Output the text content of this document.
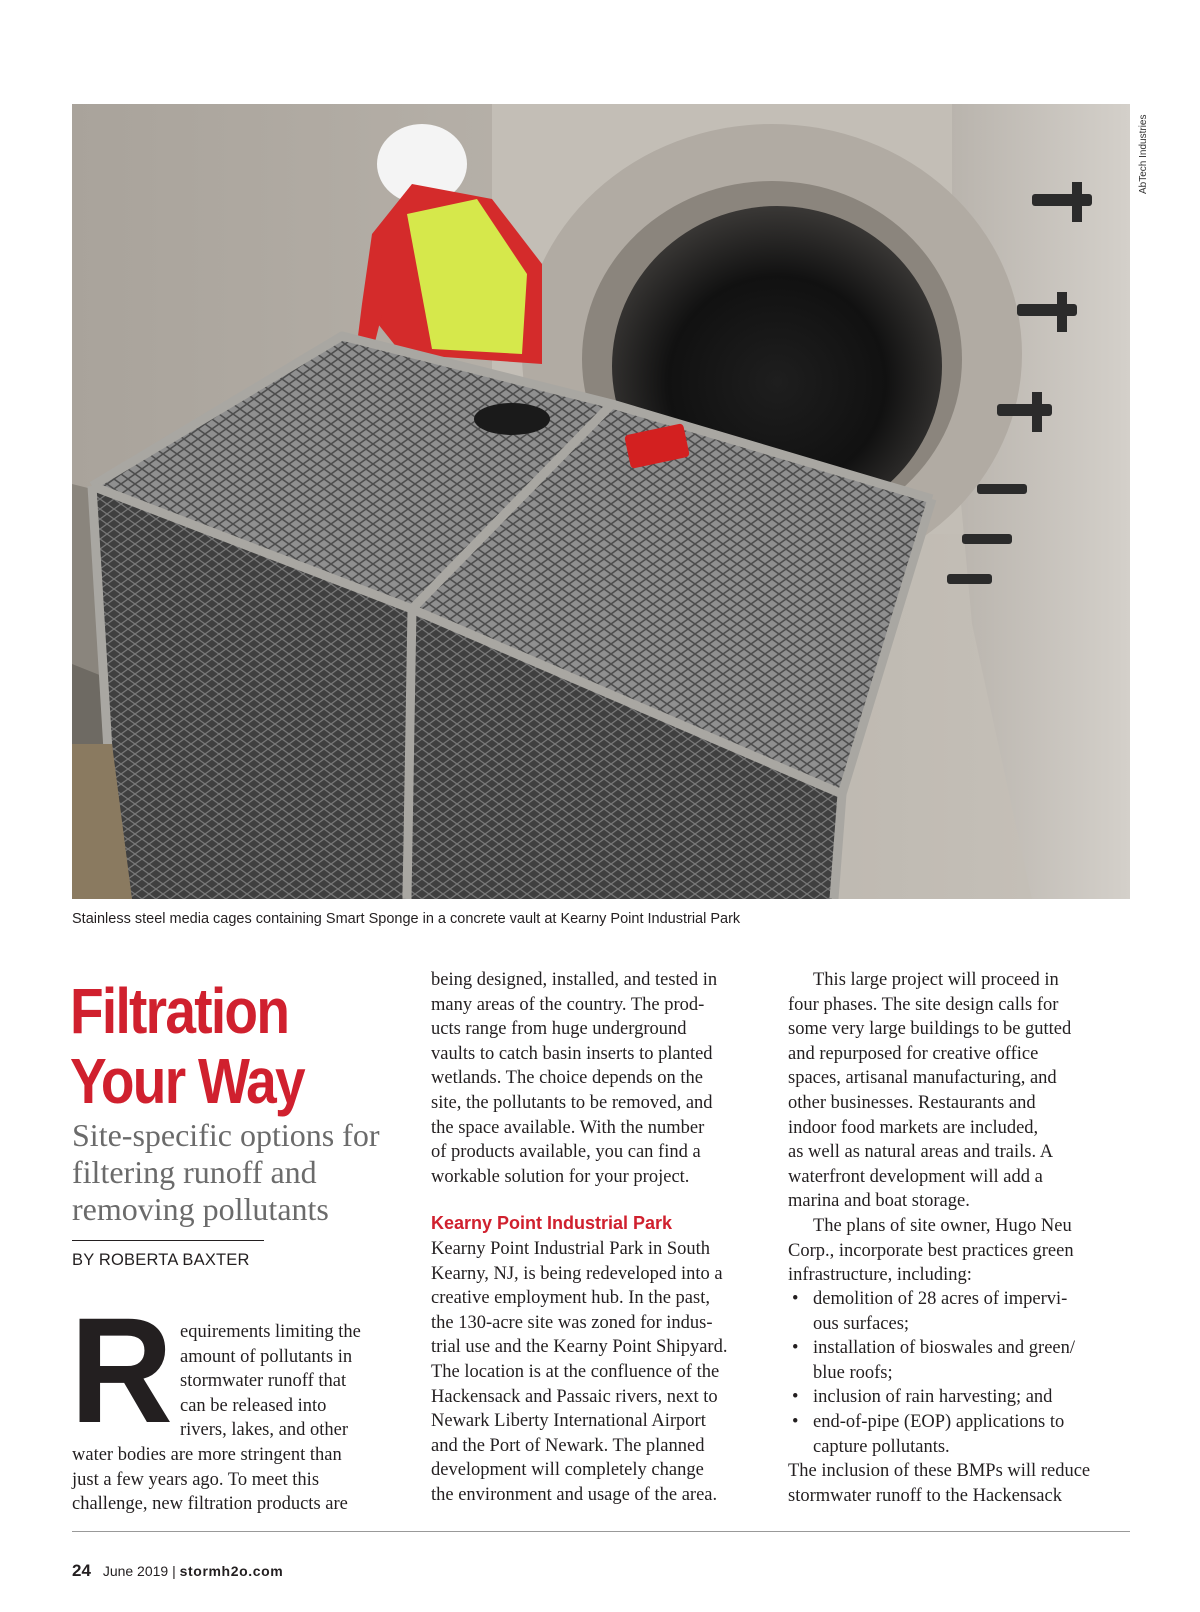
AbTech Industries
Stainless steel media cages containing Smart Sponge in a concrete vault at Kearny Point Industrial Park
Filtration
Your Way

Site-specific options for filtering runoff and removing pollutants

BY ROBERTA BAXTER
R equirements limiting the
amount of pollutants in
stormwater runoff that
can be released into
rivers, lakes, and other
water bodies are more stringent than
just a few years ago. To meet this
challenge, new filtration products are
being designed, installed, and tested in
many areas of the country. The prod-
ucts range from huge underground
vaults to catch basin inserts to planted
wetlands. The choice depends on the
site, the pollutants to be removed, and
the space available. With the number
of products available, you can find a
workable solution for your project.
Kearny Point Industrial Park
Kearny Point Industrial Park in South
Kearny, NJ, is being redeveloped into a
creative employment hub. In the past,
the 130-acre site was zoned for indus-
trial use and the Kearny Point Shipyard.
The location is at the confluence of the
Hackensack and Passaic rivers, next to
Newark Liberty International Airport
and the Port of Newark. The planned
development will completely change
the environment and usage of the area.
This large project will proceed in
four phases. The site design calls for
some very large buildings to be gutted
and repurposed for creative office
spaces, artisanal manufacturing, and
other businesses. Restaurants and
indoor food markets are included,
as well as natural areas and trails. A
waterfront development will add a
marina and boat storage.
The plans of site owner, Hugo Neu
Corp., incorporate best practices green
infrastructure, including:
• demolition of 28 acres of impervi-
ous surfaces;
• installation of bioswales and green/
blue roofs;
• inclusion of rain harvesting; and
• end-of-pipe (EOP) applications to
capture pollutants.
The inclusion of these BMPs will reduce
stormwater runoff to the Hackensack
24 June 2019 | stormh2o.com
